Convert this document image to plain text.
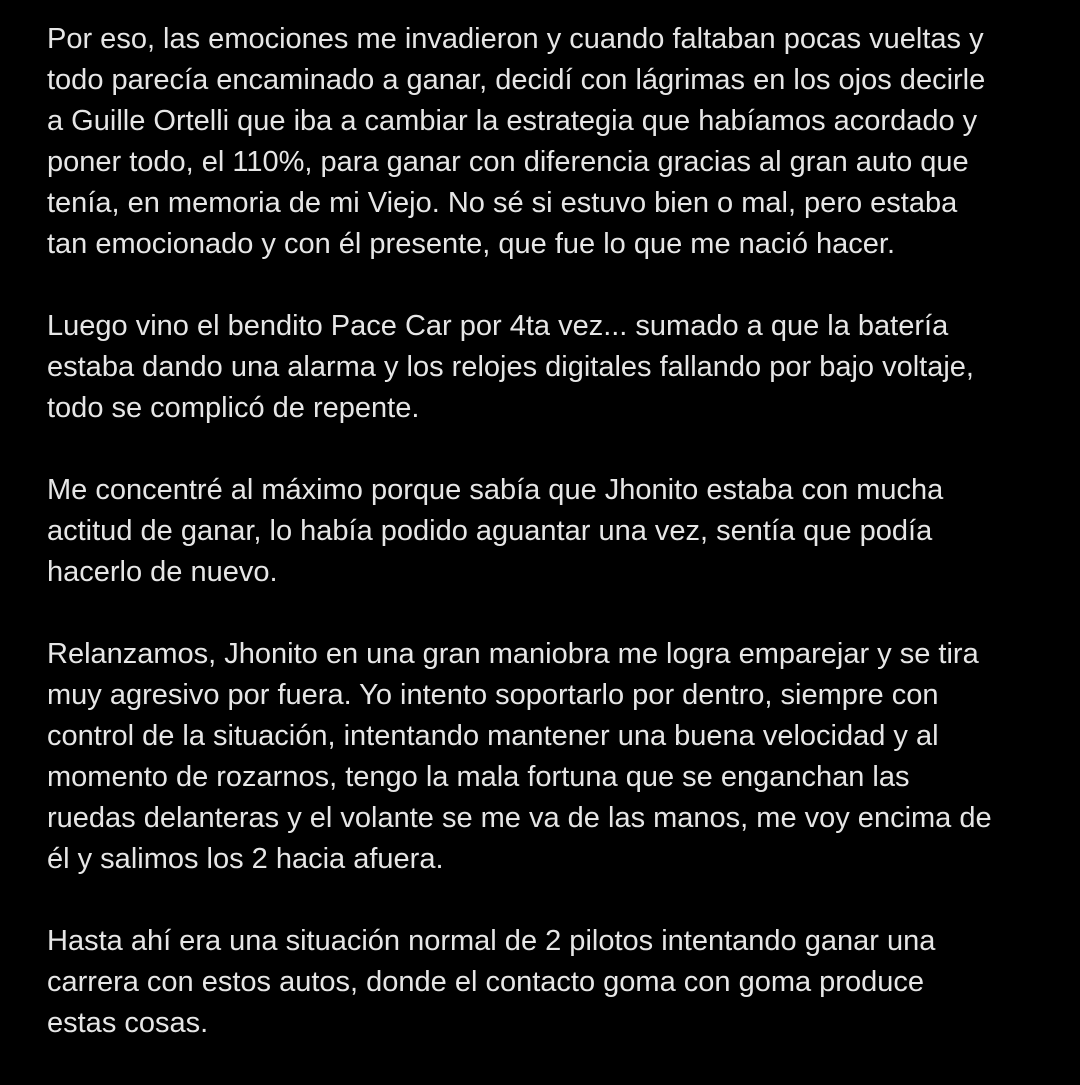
Por eso, las emociones me invadieron y cuando faltaban pocas vueltas y
todo parecía encaminado a ganar, decidí con lágrimas en los ojos decirle
a Guille Ortelli que iba a cambiar la estrategia que habíamos acordado y
poner todo, el 110%, para ganar con diferencia gracias al gran auto que
tenía, en memoria de mi Viejo. No sé si estuvo bien o mal, pero estaba
tan emocionado y con él presente, que fue lo que me nació hacer.

Luego vino el bendito Pace Car por 4ta vez... sumado a que la batería
estaba dando una alarma y los relojes digitales fallando por bajo voltaje,
todo se complicó de repente.

Me concentré al máximo porque sabía que Jhonito estaba con mucha
actitud de ganar, lo había podido aguantar una vez, sentía que podía
hacerlo de nuevo.

Relanzamos, Jhonito en una gran maniobra me logra emparejar y se tira
muy agresivo por fuera. Yo intento soportarlo por dentro, siempre con
control de la situación, intentando mantener una buena velocidad y al
momento de rozarnos, tengo la mala fortuna que se enganchan las
ruedas delanteras y el volante se me va de las manos, me voy encima de
él y salimos los 2 hacia afuera.

Hasta ahí era una situación normal de 2 pilotos intentando ganar una
carrera con estos autos, donde el contacto goma con goma produce
estas cosas.
